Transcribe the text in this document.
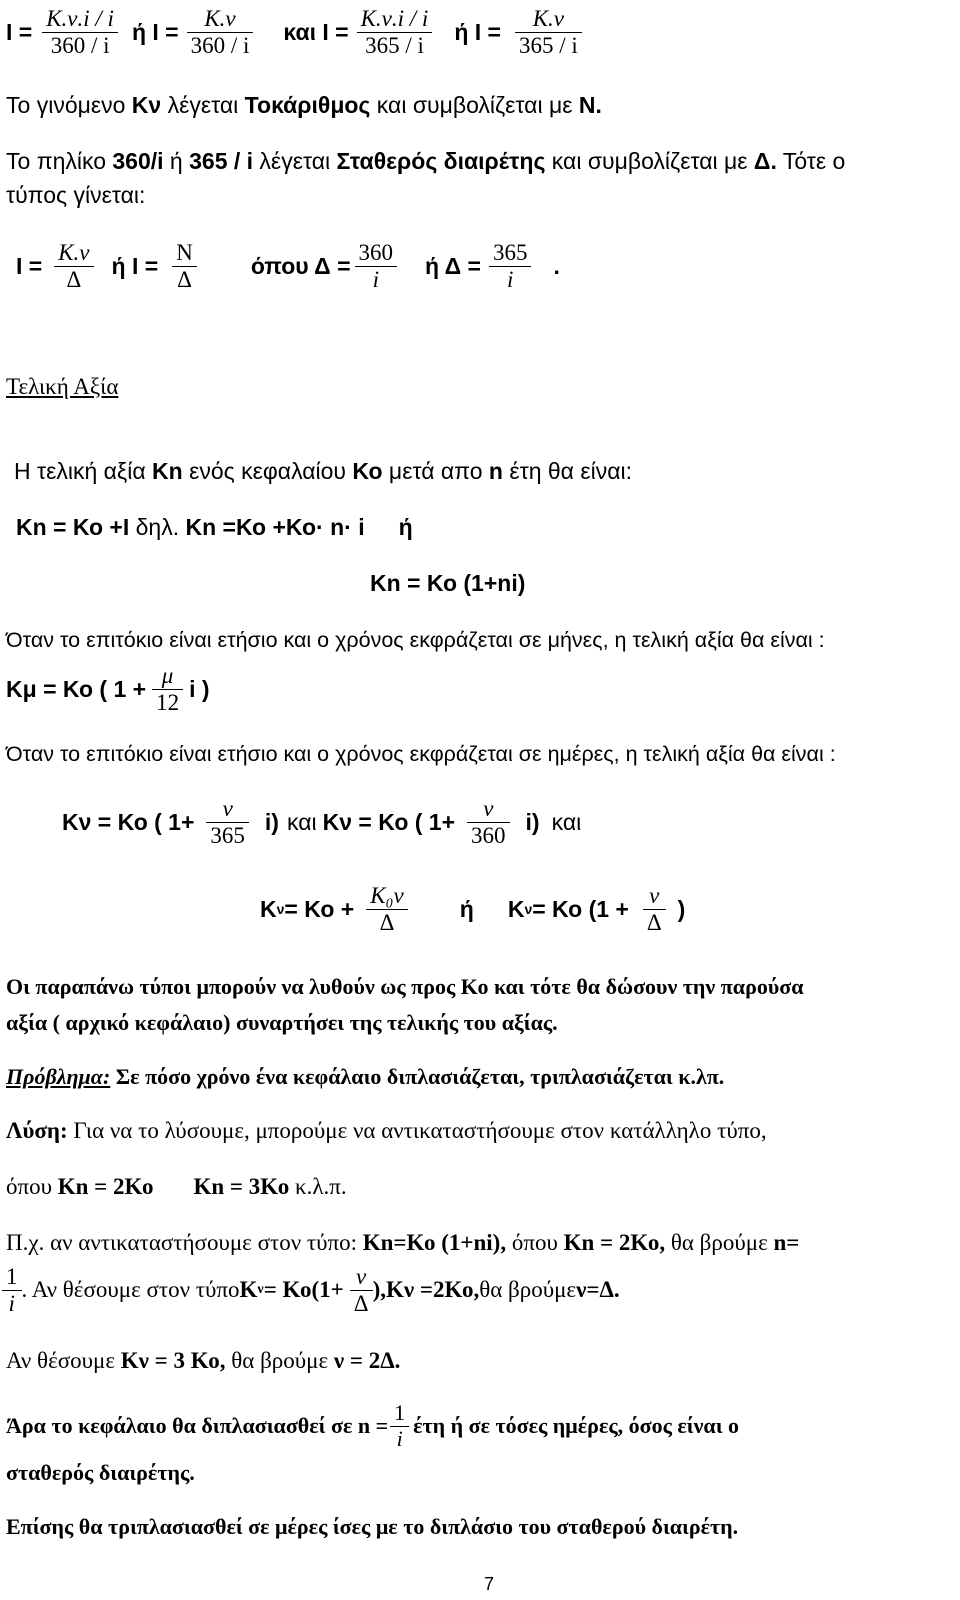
$I = \frac{K.\nu.i / i}{360 / i}$ ή $I = \frac{K.\nu}{360 / i}$ και $I = \frac{K.\nu.i / i}{365 / i}$ ή $I = \frac{K.\nu}{365 / i}$
Το γινόμενο Κν λέγεται Τοκάριθμος και συμβολίζεται με Ν.
Το πηλίκο 360/i ή 365 / i λέγεται Σταθερός διαιρέτης και συμβολίζεται με Δ. Τότε ο
τύπος γίνεται:
$I = \frac{K.\nu}{\Delta}$ ή $I = \frac{N}{\Delta}$ όπου $\Delta = \frac{360}{i}$ ή $\Delta = \frac{365}{i}$ .
Τελική Αξία
Η τελική αξία Κn ενός κεφαλαίου Κο μετά απο n έτη θα είναι:
Κn = Κο +Ι δηλ. Κn =Κο +Κο· n· i ή
Κn = Κο (1+ni)
Όταν το επιτόκιο είναι ετήσιο και ο χρόνος εκφράζεται σε μήνες, η τελική αξία θα είναι :
Κμ = Κο ( $1 + \frac{\mu}{12}$ i )
Όταν το επιτόκιο είναι ετήσιο και ο χρόνος εκφράζεται σε ημέρες, η τελική αξία θα είναι :
Κν = Κο ( $1+ \frac{\nu}{365} i$) και Κν = Κο ( $1+ \frac{\nu}{360} i$) και
Κ $\nu = Ko + \frac{\text{Κ₀ν}}{\Delta}$ ή Κ ν = Κο ($1 + \frac{\nu}{\Delta}$ )
Οι παραπάνω τύποι μπορούν να λυθούν ως προς Κο και τότε θα δώσουν την παρούσα
αξία ( αρχικό κεφάλαιο) συναρτήσει της τελικής του αξίας.
Πρόβλημα: Σε πόσο χρόνο ένα κεφάλαιο διπλασιάζεται, τριπλασιάζεται κ.λπ.
Λύση: Για να το λύσουμε, μπορούμε να αντικαταστήσουμε στον κατάλληλο τύπο,
όπου Κn = 2Κο Κn = 3Κο κ.λ.π.
Π.χ. αν αντικαταστήσουμε στον τύπο: Κn=Κο (1+ni), όπου Κn = 2Κο, θα βρούμε n=
$\frac{1}{i}$ . Αν θέσουμε στον τύπο Κ $\nu = Ko(1+ \frac{\nu}{\Delta}$ ), Κν =2Κο, θα βρούμε ν=Δ.
Αν θέσουμε Κν = 3 Κο, θα βρούμε ν = 2Δ.
Άρα το κεφάλαιο θα διπλασιασθεί σε $n = \frac{1}{i}$ έτη ή σε τόσες ημέρες, όσος είναι ο
σταθερός διαιρέτης.
Επίσης θα τριπλασιασθεί σε μέρες ίσες με το διπλάσιο του σταθερού διαιρέτη.
7
